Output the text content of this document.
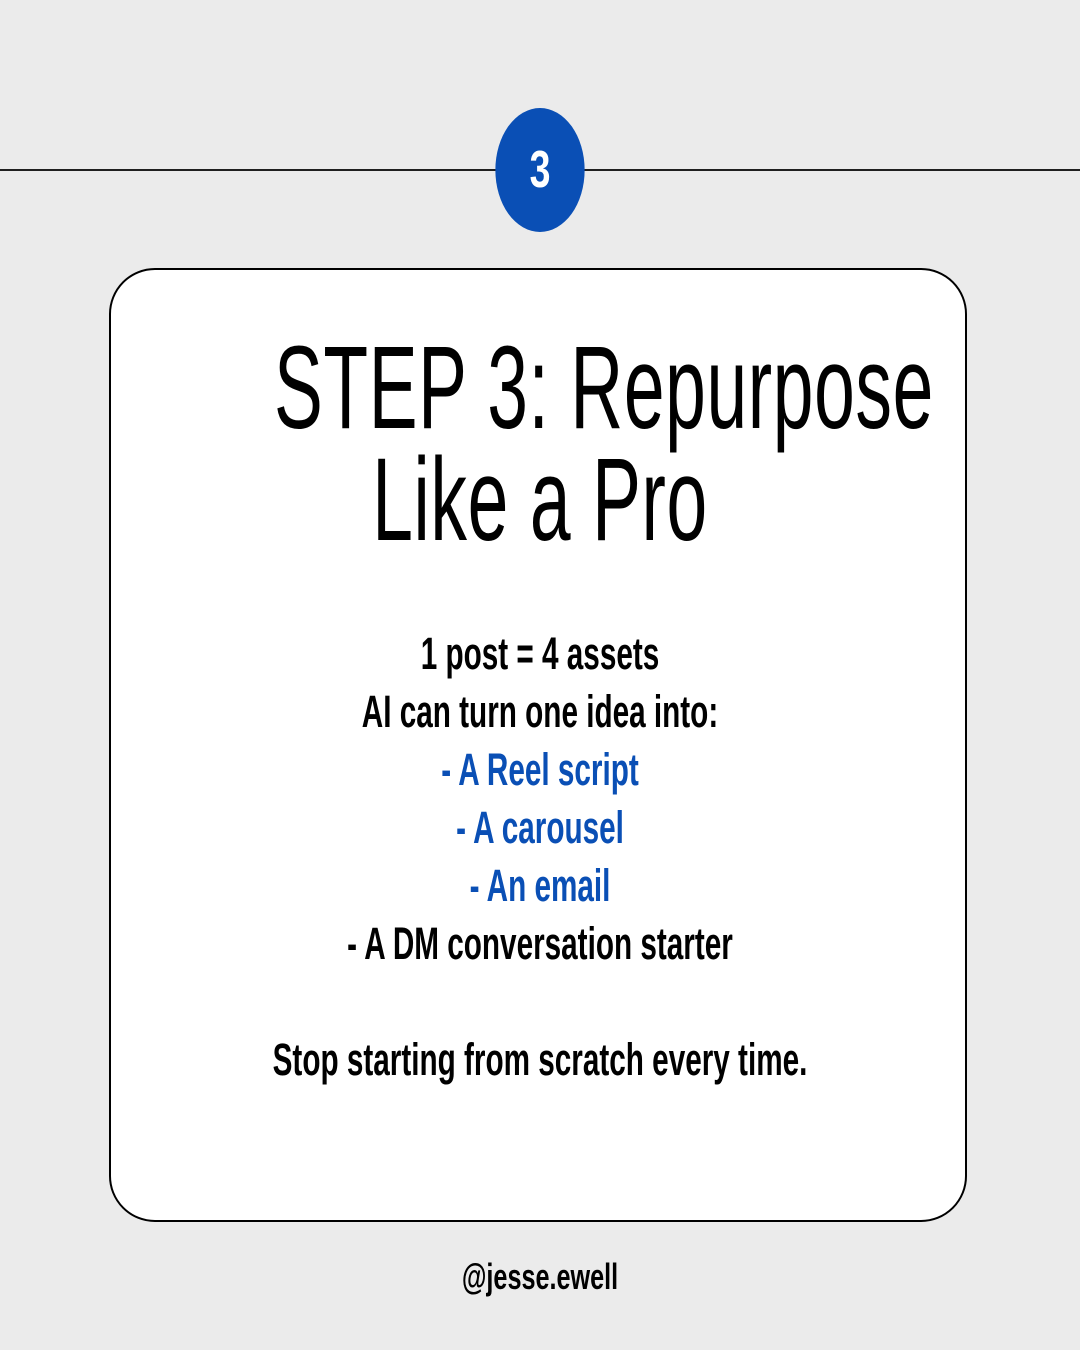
3
STEP 3: Repurpose
Like a Pro
1 post = 4 assets
AI can turn one idea into:
- A Reel script
- A carousel
- An email
- A DM conversation starter
Stop starting from scratch every time.
@jesse.ewell
